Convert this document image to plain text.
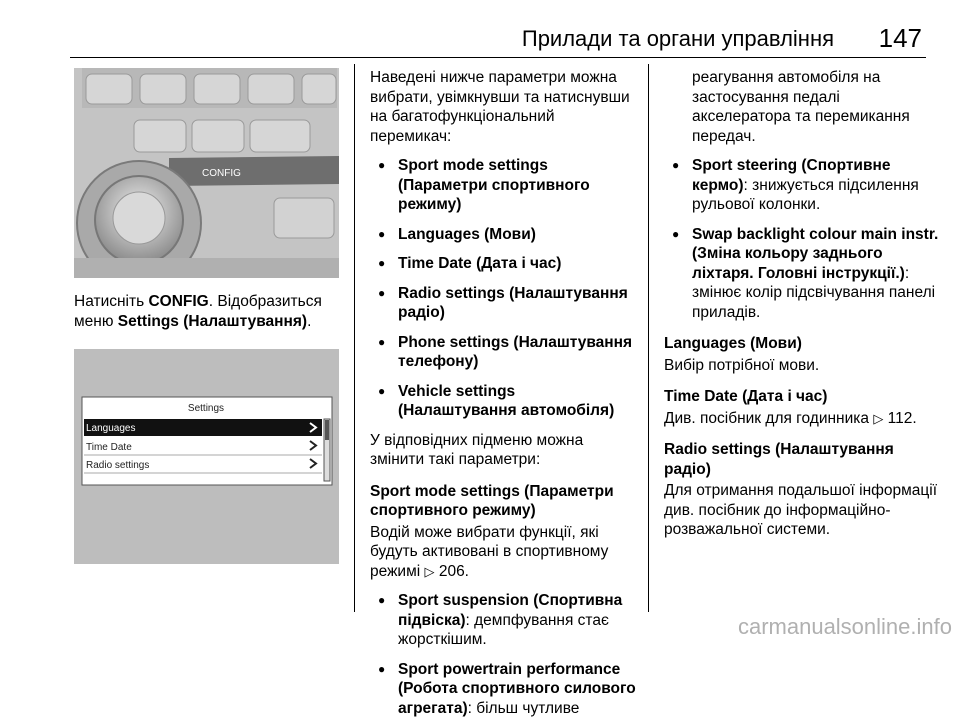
Прилади та органи управління 147
CONFIG

Натисніть CONFIG. Відобразиться меню Settings (Налаштування).

Settings
Languages
Time Date
Radio settings

Наведені нижче параметри можна вибрати, увімкнувши та натиснувши на багатофункціональний перемикач:

● Sport mode settings (Параметри спортивного режиму)
● Languages (Мови)
● Time Date (Дата і час)
● Radio settings (Налаштування радіо)
● Phone settings (Налаштування телефону)
● Vehicle settings (Налаштування автомобіля)

У відповідних підменю можна змінити такі параметри:

Sport mode settings (Параметри спортивного режиму)

Водій може вибрати функції, які будуть активовані в спортивному режимі ▷ 206.

● Sport suspension (Спортивна підвіска): демпфування стає жорсткішим.
● Sport powertrain performance (Робота спортивного силового агрегата): більш чутливе

реагування автомобіля на застосування педалі акселератора та перемикання передач.

● Sport steering (Спортивне кермо): знижується підсилення рульової колонки.
● Swap backlight colour main instr. (Зміна кольору заднього ліхтаря. Головні інструкції.): змінює колір підсвічування панелі приладів.

Languages (Мови)

Вибір потрібної мови.

Time Date (Дата і час)

Див. посібник для годинника ▷ 112.

Radio settings (Налаштування радіо)

Для отримання подальшої інформації див. посібник до інформаційно-розважальної системи.

carmanualsonline.info
